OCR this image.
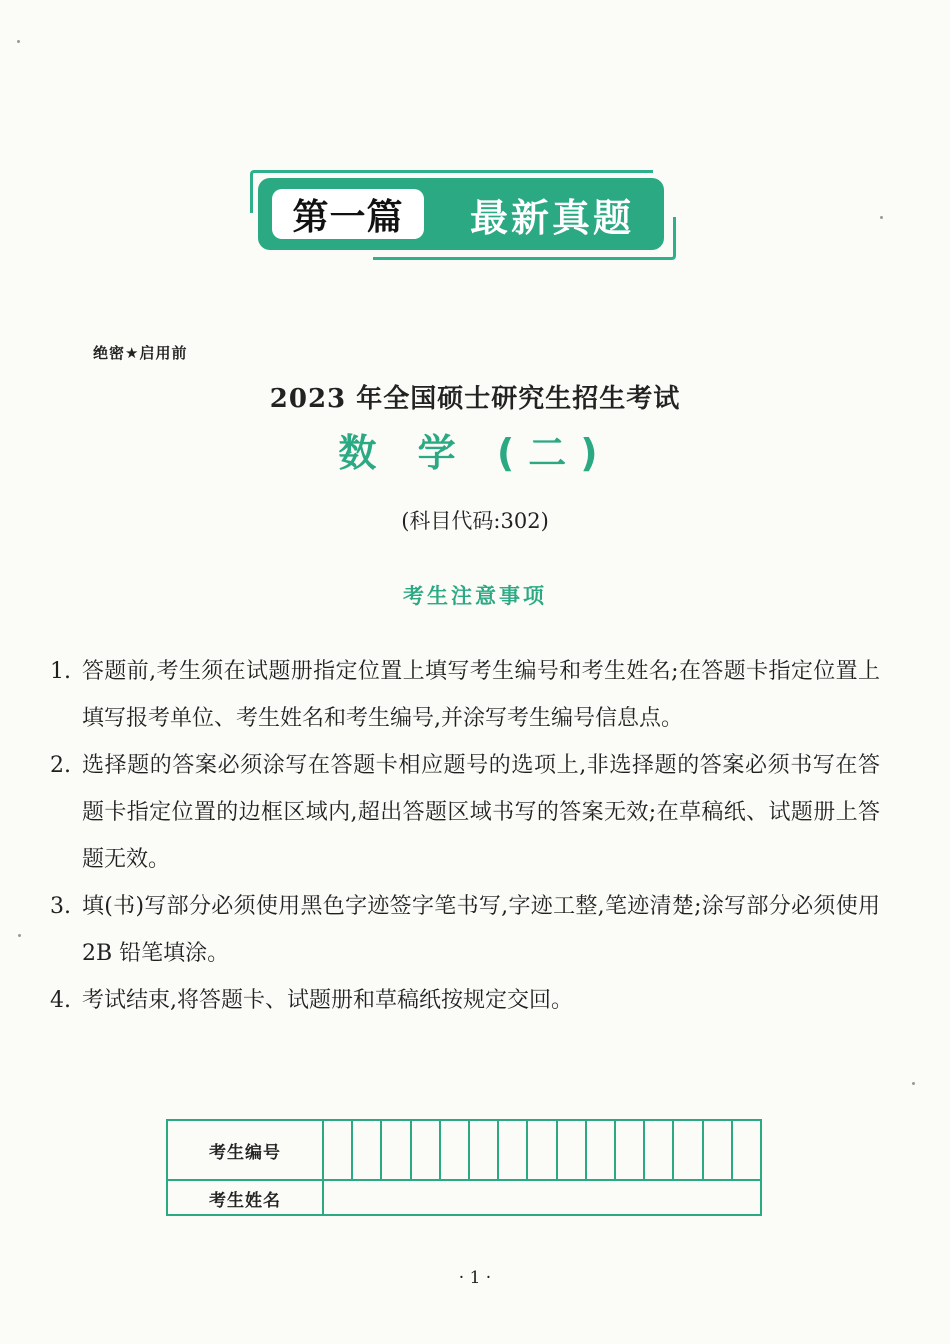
第一篇	最新真题
绝密★启用前
2023 年全国硕士研究生招生考试
数 学 (二)
(科目代码:302)
考生注意事项
1. 答题前,考生须在试题册指定位置上填写考生编号和考生姓名;在答题卡指定位置上填写报考单位、考生姓名和考生编号,并涂写考生编号信息点。
2. 选择题的答案必须涂写在答题卡相应题号的选项上,非选择题的答案必须书写在答题卡指定位置的边框区域内,超出答题区域书写的答案无效;在草稿纸、试题册上答题无效。
3. 填(书)写部分必须使用黑色字迹签字笔书写,字迹工整,笔迹清楚;涂写部分必须使用 2B 铅笔填涂。
4. 考试结束,将答题卡、试题册和草稿纸按规定交回。
考生编号
考生姓名
· 1 ·
